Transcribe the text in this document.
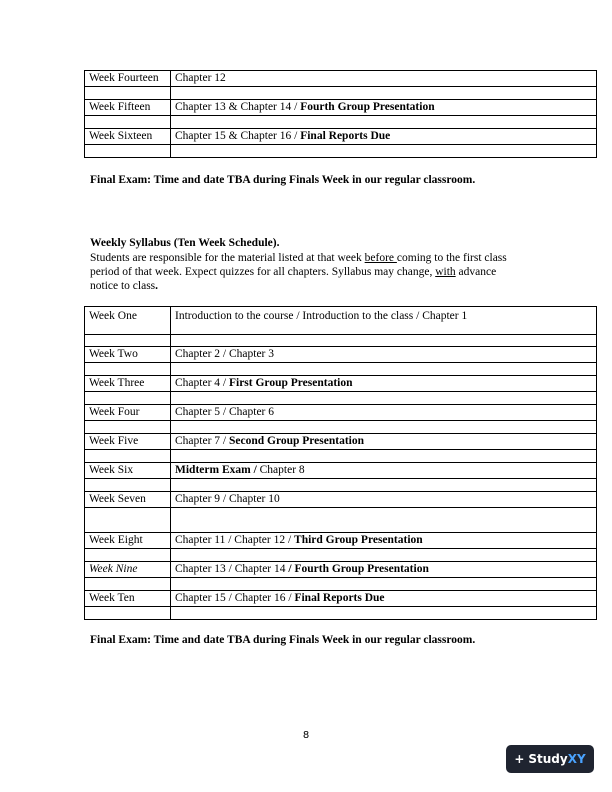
Week Fourteen	Chapter 12

Week Fifteen	Chapter 13 & Chapter 14 / Fourth Group Presentation

Week Sixteen	Chapter 15 & Chapter 16 / Final Reports Due

Final Exam: Time and date TBA during Finals Week in our regular classroom.
Weekly Syllabus (Ten Week Schedule).
Students are responsible for the material listed at that week before coming to the first class period of that week. Expect quizzes for all chapters. Syllabus may change, with advance notice to class.
Week One	Introduction to the course / Introduction to the class / Chapter 1

Week Two	Chapter 2 / Chapter 3

Week Three	Chapter 4 / First Group Presentation

Week Four	Chapter 5 / Chapter 6

Week Five	Chapter 7 / Second Group Presentation

Week Six	Midterm Exam / Chapter 8

Week Seven	Chapter 9 / Chapter 10

Week Eight	Chapter 11 / Chapter 12 / Third Group Presentation

Week Nine	Chapter 13 / Chapter 14 / Fourth Group Presentation

Week Ten	Chapter 15 / Chapter 16 / Final Reports Due

Final Exam: Time and date TBA during Finals Week in our regular classroom.
8
+ Study XY
